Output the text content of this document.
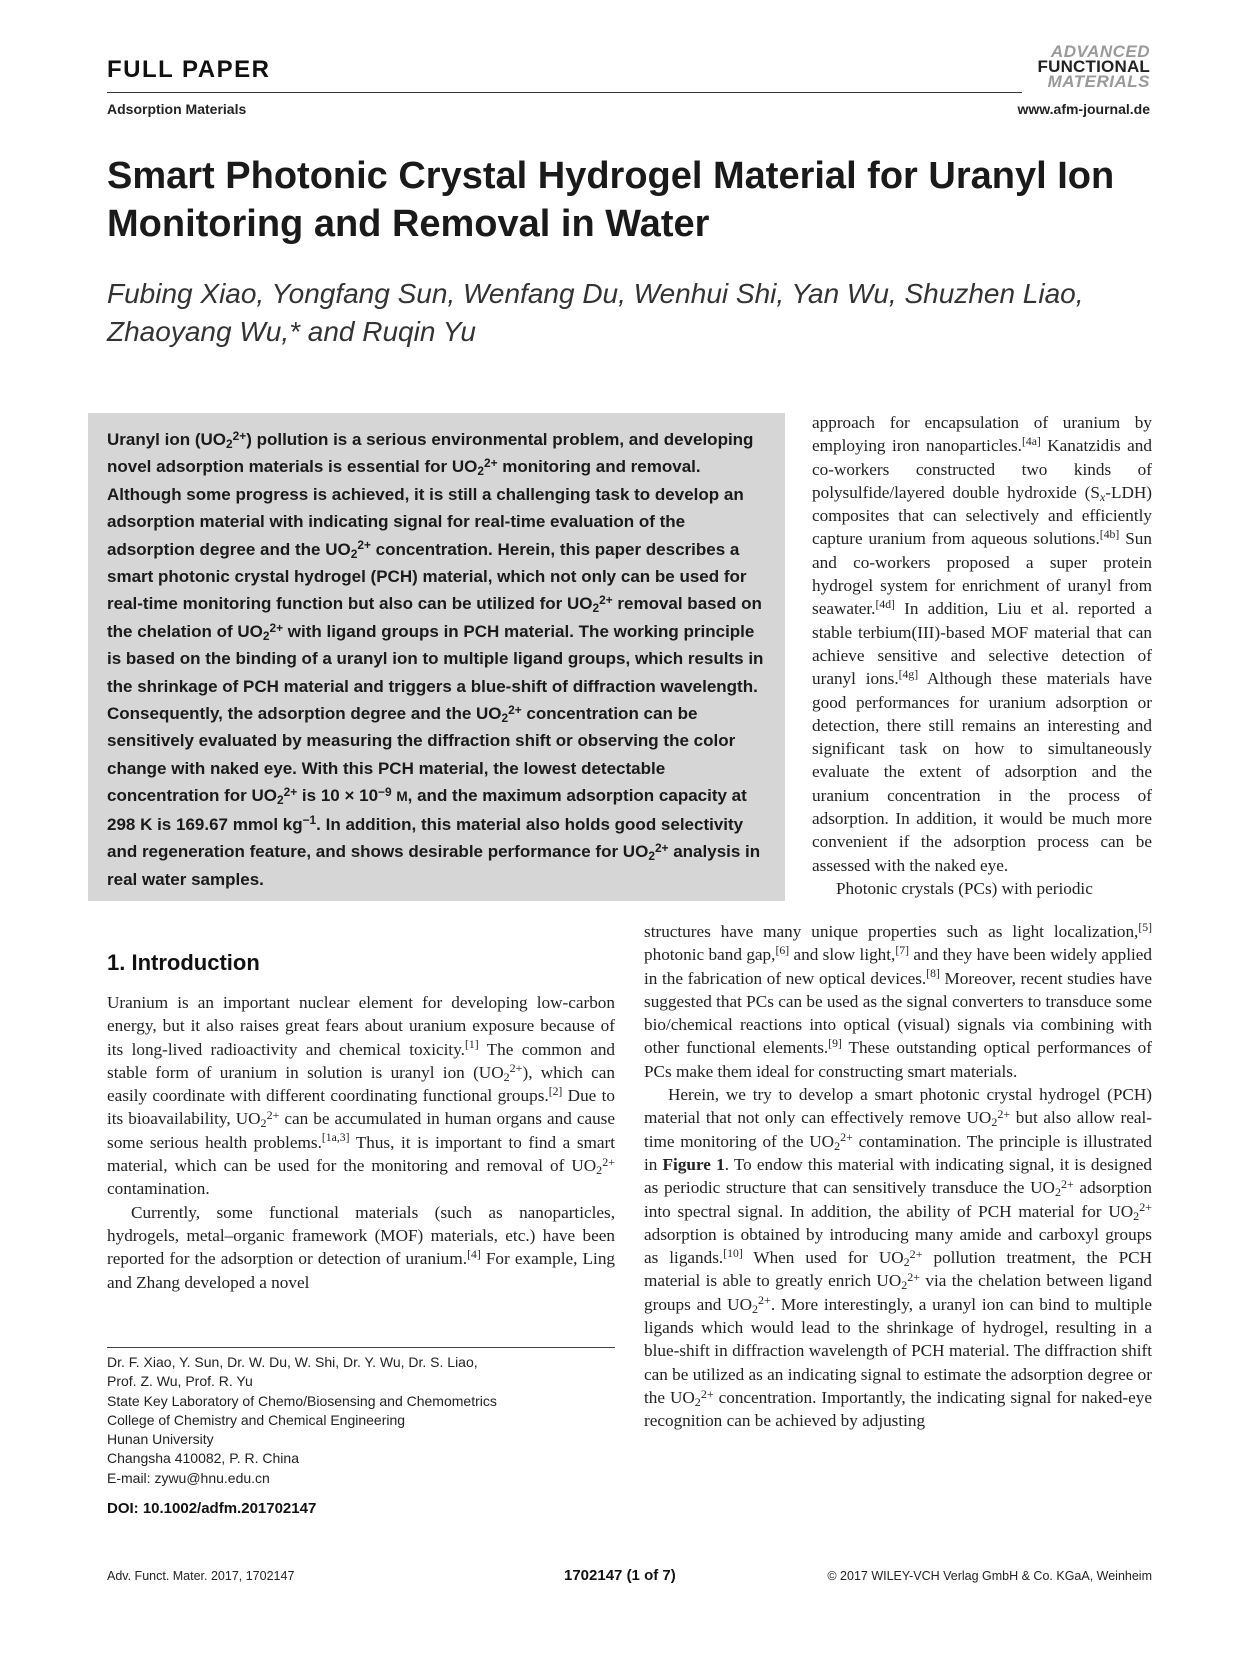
FULL PAPER
Adsorption Materials
ADVANCED
FUNCTIONAL
MATERIALS
www.afm-journal.de
Smart Photonic Crystal Hydrogel Material for Uranyl Ion Monitoring and Removal in Water
Fubing Xiao, Yongfang Sun, Wenfang Du, Wenhui Shi, Yan Wu, Shuzhen Liao, Zhaoyang Wu,* and Ruqin Yu
Uranyl ion $(UO_2^{2+})$ pollution is a serious environmental problem, and developing novel adsorption materials is essential for $UO_2^{2+}$ monitoring and removal. Although some progress is achieved, it is still a challenging task to develop an adsorption material with indicating signal for real-time evaluation of the adsorption degree and the $UO_2^{2+}$ concentration. Herein, this paper describes a smart photonic crystal hydrogel (PCH) material, which not only can be used for real-time monitoring function but also can be utilized for $UO_2^{2+}$ removal based on the chelation of $UO_2^{2+}$ with ligand groups in PCH material. The working principle is based on the binding of a uranyl ion to multiple ligand groups, which results in the shrinkage of PCH material and triggers a blue-shift of diffraction wavelength. Consequently, the adsorption degree and the $UO_2^{2+}$ concentration can be sensitively evaluated by measuring the diffraction shift or observing the color change with naked eye. With this PCH material, the lowest detectable concentration for $UO_2^{2+}$ is $10 \times 10^{-9}$ M, and the maximum adsorption capacity at 298 K is 169.67 mmol $kg^{-1}$. In addition, this material also holds good selectivity and regeneration feature, and shows desirable performance for $UO_2^{2+}$ analysis in real water samples.
approach for encapsulation of uranium by employing iron nanoparticles.[4a] Kanatzidis and co-workers constructed two kinds of polysulfide/layered double hydroxide $(S_x-LDH)$ composites that can selectively and efficiently capture uranium from aqueous solutions.[4b] Sun and co-workers proposed a super protein hydrogel system for enrichment of uranyl from seawater.[4d] In addition, Liu et al. reported a stable terbium(III)-based MOF material that can achieve sensitive and selective detection of uranyl ions.[4g] Although these materials have good performances for uranium adsorption or detection, there still remains an interesting and significant task on how to simultaneously evaluate the extent of adsorption and the uranium concentration in the process of adsorption. In addition, it would be much more convenient if the adsorption process can be assessed with the naked eye.
Photonic crystals (PCs) with periodic
1. Introduction

Uranium is an important nuclear element for developing low-carbon energy, but it also raises great fears about uranium exposure because of its long-lived radioactivity and chemical toxicity.[1] The common and stable form of uranium in solution is uranyl ion $(UO_2^{2+})$, which can easily coordinate with different coordinating functional groups.[2] Due to its bioavailability, $UO_2^{2+}$ can be accumulated in human organs and cause some serious health problems.[1a,3] Thus, it is important to find a smart material, which can be used for the monitoring and removal of $UO_2^{2+}$ contamination.

Currently, some functional materials (such as nanoparticles, hydrogels, metal–organic framework (MOF) materials, etc.) have been reported for the adsorption or detection of uranium.[4] For example, Ling and Zhang developed a novel

structures have many unique properties such as light localization,[5] photonic band gap,[6] and slow light,[7] and they have been widely applied in the fabrication of new optical devices.[8] Moreover, recent studies have suggested that PCs can be used as the signal converters to transduce some bio/chemical reactions into optical (visual) signals via combining with other functional elements.[9] These outstanding optical performances of PCs make them ideal for constructing smart materials.

Herein, we try to develop a smart photonic crystal hydrogel (PCH) material that not only can effectively remove $UO_2^{2+}$ but also allow real-time monitoring of the $UO_2^{2+}$ contamination. The principle is illustrated in Figure 1. To endow this material with indicating signal, it is designed as periodic structure that can sensitively transduce the $UO_2^{2+}$ adsorption into spectral signal. In addition, the ability of PCH material for $UO_2^{2+}$ adsorption is obtained by introducing many amide and carboxyl groups as ligands.[10] When used for $UO_2^{2+}$ pollution treatment, the PCH material is able to greatly enrich $UO_2^{2+}$ via the chelation between ligand groups and $UO_2^{2+}$. More interestingly, a uranyl ion can bind to multiple ligands which would lead to the shrinkage of hydrogel, resulting in a blue-shift in diffraction wavelength of PCH material. The diffraction shift can be utilized as an indicating signal to estimate the adsorption degree or the $UO_2^{2+}$ concentration. Importantly, the indicating signal for naked-eye recognition can be achieved by adjusting

Dr. F. Xiao, Y. Sun, Dr. W. Du, W. Shi, Dr. Y. Wu, Dr. S. Liao,
Prof. Z. Wu, Prof. R. Yu
State Key Laboratory of Chemo/Biosensing and Chemometrics
College of Chemistry and Chemical Engineering
Hunan University
Changsha 410082, P. R. China
E-mail: zywu@hnu.edu.cn
DOI: 10.1002/adfm.201702147
Adv. Funct. Mater. 2017, 1702147	1702147 (1 of 7)	© 2017 WILEY-VCH Verlag GmbH & Co. KGaA, Weinheim
